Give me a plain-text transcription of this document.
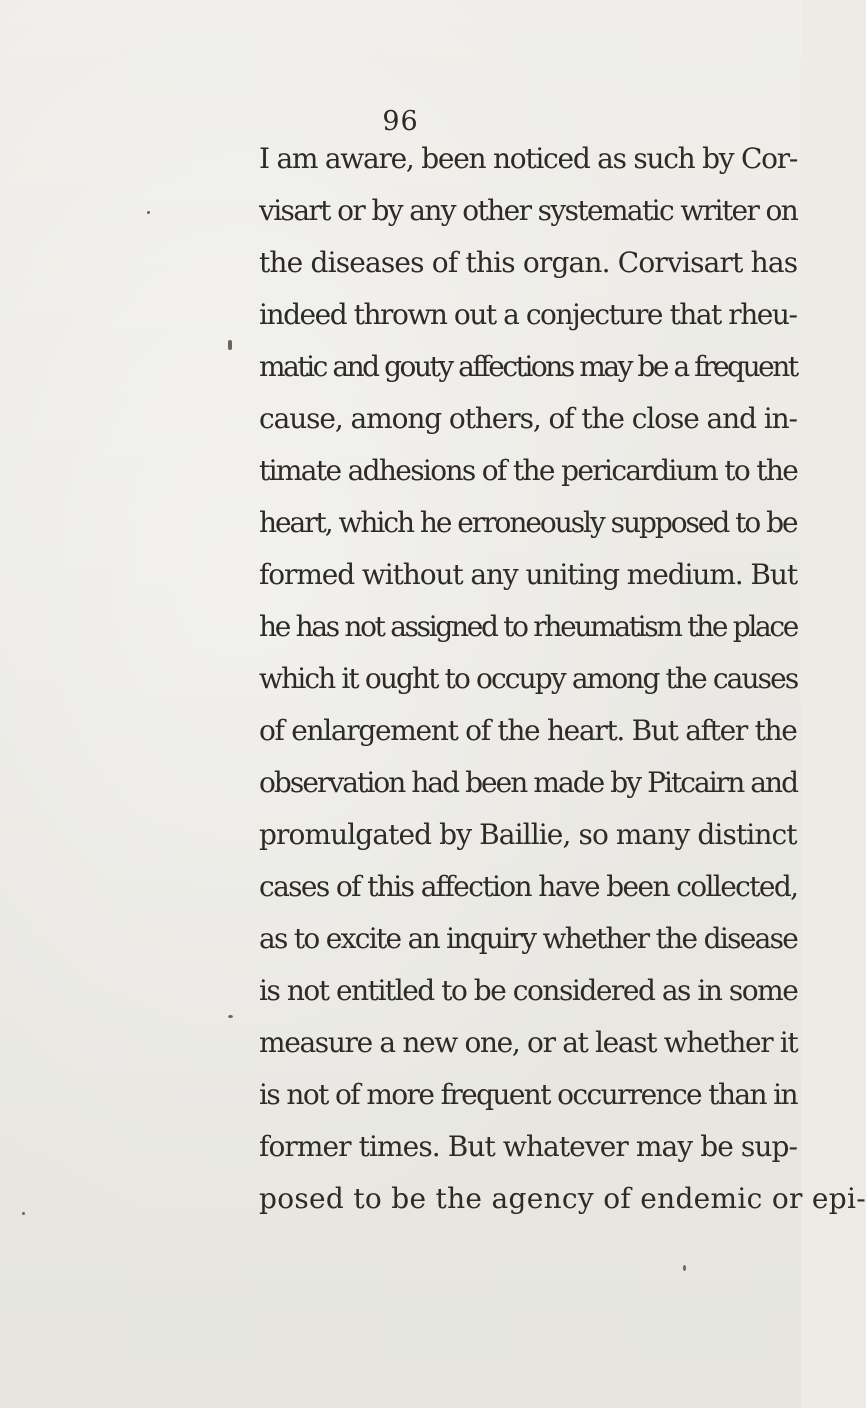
96
I am aware, been noticed as such by Cor-
visart or by any other systematic writer on
the diseases of this organ. Corvisart has
indeed thrown out a conjecture that rheu-
matic and gouty affections may be a frequent
cause, among others, of the close and in-
timate adhesions of the pericardium to the
heart, which he erroneously supposed to be
formed without any uniting medium. But
he has not assigned to rheumatism the place
which it ought to occupy among the causes
of enlargement of the heart. But after the
observation had been made by Pitcairn and
promulgated by Baillie, so many distinct
cases of this affection have been collected,
as to excite an inquiry whether the disease
is not entitled to be considered as in some
measure a new one, or at least whether it
is not of more frequent occurrence than in
former times. But whatever may be sup-
posed to be the agency of endemic or epi-
